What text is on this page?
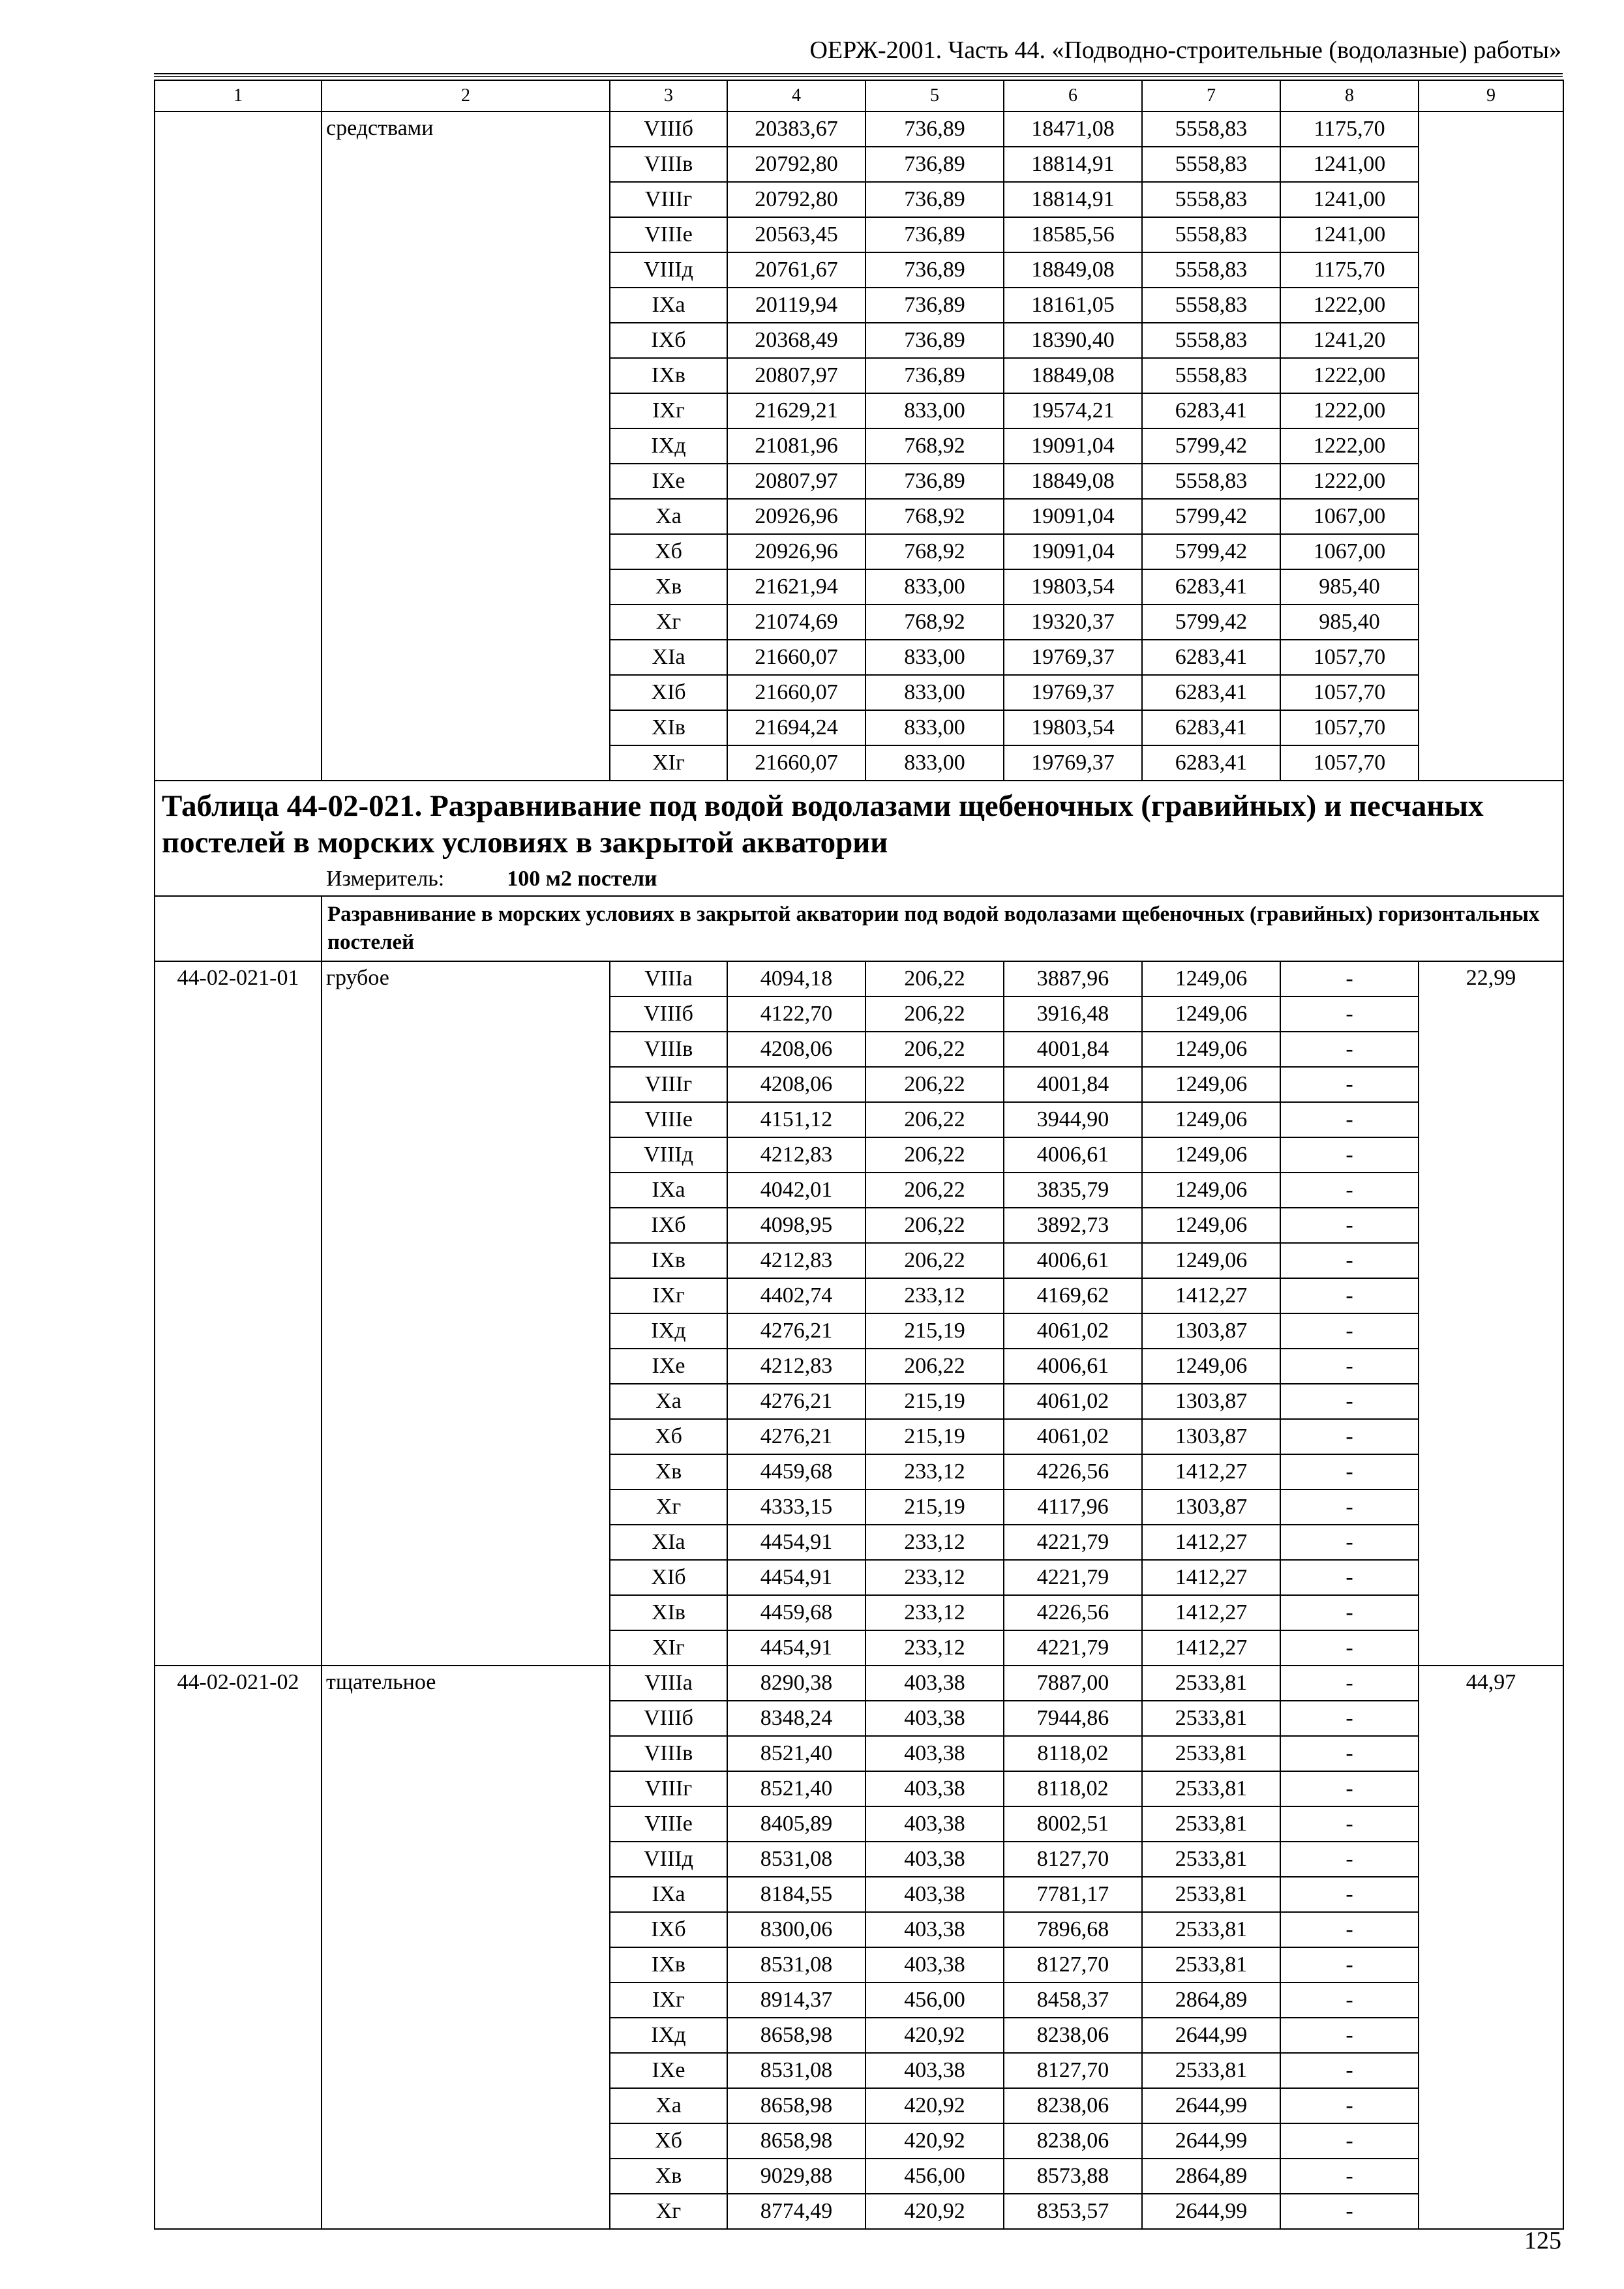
ОЕРЖ-2001. Часть 44. «Подводно-строительные (водолазные) работы»
1	2	3	4	5	6	7	8	9
	средствами	VIIIб	20383,67	736,89	18471,08	5558,83	1175,70	
		VIIIв	20792,80	736,89	18814,91	5558,83	1241,00	
		VIIIг	20792,80	736,89	18814,91	5558,83	1241,00	
		VIIIе	20563,45	736,89	18585,56	5558,83	1241,00	
		VIIIд	20761,67	736,89	18849,08	5558,83	1175,70	
		IXа	20119,94	736,89	18161,05	5558,83	1222,00	
		IXб	20368,49	736,89	18390,40	5558,83	1241,20	
		IXв	20807,97	736,89	18849,08	5558,83	1222,00	
		IXг	21629,21	833,00	19574,21	6283,41	1222,00	
		IXд	21081,96	768,92	19091,04	5799,42	1222,00	
		IXе	20807,97	736,89	18849,08	5558,83	1222,00	
		Xа	20926,96	768,92	19091,04	5799,42	1067,00	
		Xб	20926,96	768,92	19091,04	5799,42	1067,00	
		Xв	21621,94	833,00	19803,54	6283,41	985,40	
		Xг	21074,69	768,92	19320,37	5799,42	985,40	
		XIа	21660,07	833,00	19769,37	6283,41	1057,70	
		XIб	21660,07	833,00	19769,37	6283,41	1057,70	
		XIв	21694,24	833,00	19803,54	6283,41	1057,70	
		XIг	21660,07	833,00	19769,37	6283,41	1057,70	

Таблица 44-02-021. Разравнивание под водой водолазами щебеночных (гравийных) и песчаных постелей в морских условиях в закрытой акватории
Измеритель: 100 м2 постели								

	Разравнивание в морских условиях в закрытой акватории под водой водолазами щебеночных (гравийных) горизонтальных постелей							
44-02-021-01	грубое	VIIIа	4094,18	206,22	3887,96	1249,06	-	22,99
		VIIIб	4122,70	206,22	3916,48	1249,06	-	
		VIIIв	4208,06	206,22	4001,84	1249,06	-	
		VIIIг	4208,06	206,22	4001,84	1249,06	-	
		VIIIе	4151,12	206,22	3944,90	1249,06	-	
		VIIIд	4212,83	206,22	4006,61	1249,06	-	
		IXа	4042,01	206,22	3835,79	1249,06	-	
		IXб	4098,95	206,22	3892,73	1249,06	-	
		IXв	4212,83	206,22	4006,61	1249,06	-	
		IXг	4402,74	233,12	4169,62	1412,27	-	
		IXд	4276,21	215,19	4061,02	1303,87	-	
		IXе	4212,83	206,22	4006,61	1249,06	-	
		Xа	4276,21	215,19	4061,02	1303,87	-	
		Xб	4276,21	215,19	4061,02	1303,87	-	
		Xв	4459,68	233,12	4226,56	1412,27	-	
		Xг	4333,15	215,19	4117,96	1303,87	-	
		XIа	4454,91	233,12	4221,79	1412,27	-	
		XIб	4454,91	233,12	4221,79	1412,27	-	
		XIв	4459,68	233,12	4226,56	1412,27	-	
		XIг	4454,91	233,12	4221,79	1412,27	-	
44-02-021-02	тщательное	VIIIа	8290,38	403,38	7887,00	2533,81	-	44,97
		VIIIб	8348,24	403,38	7944,86	2533,81	-	
		VIIIв	8521,40	403,38	8118,02	2533,81	-	
		VIIIг	8521,40	403,38	8118,02	2533,81	-	
		VIIIе	8405,89	403,38	8002,51	2533,81	-	
		VIIIд	8531,08	403,38	8127,70	2533,81	-	
		IXа	8184,55	403,38	7781,17	2533,81	-	
		IXб	8300,06	403,38	7896,68	2533,81	-	
		IXв	8531,08	403,38	8127,70	2533,81	-	
		IXг	8914,37	456,00	8458,37	2864,89	-	
		IXд	8658,98	420,92	8238,06	2644,99	-	
		IXе	8531,08	403,38	8127,70	2533,81	-	
		Xа	8658,98	420,92	8238,06	2644,99	-	
		Xб	8658,98	420,92	8238,06	2644,99	-	
		Xв	9029,88	456,00	8573,88	2864,89	-	
		Xг	8774,49	420,92	8353,57	2644,99	-	
125
